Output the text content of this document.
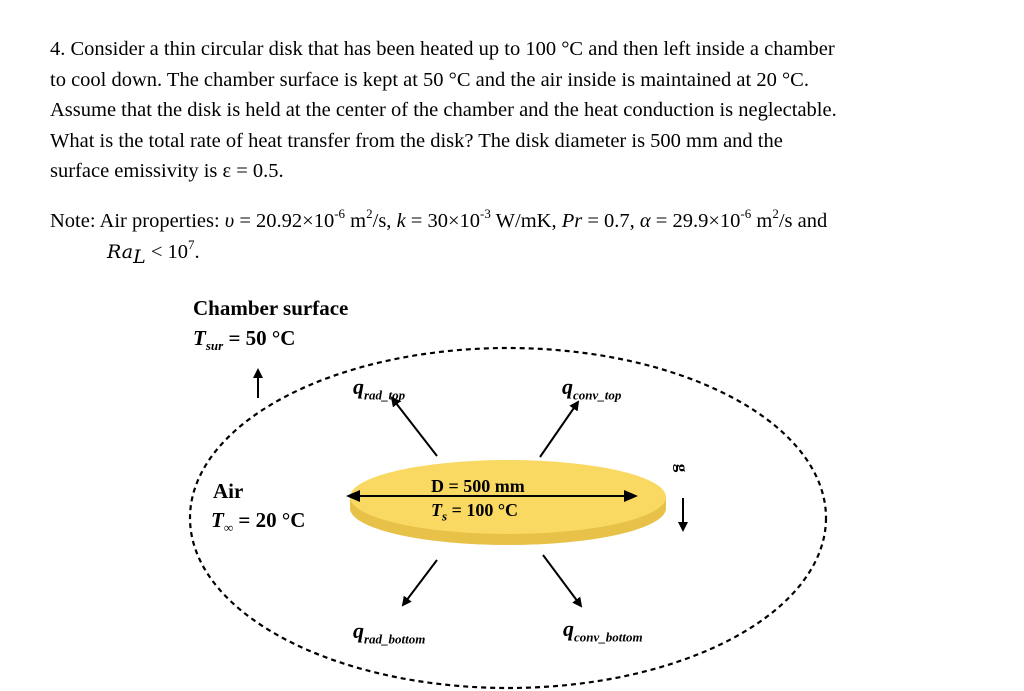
4. Consider a thin circular disk that has been heated up to 100 °C and then left inside a chamber
to cool down. The chamber surface is kept at 50 °C and the air inside is maintained at 20 °C.
Assume that the disk is held at the center of the chamber and the heat conduction is neglectable.
What is the total rate of heat transfer from the disk? The disk diameter is 500 mm and the
surface emissivity is ε = 0.5.
Note: Air properties: $\upsilon = 20.92\times 10^{-6}$ $m^2/s$, $k = 30\times 10^{-3}$ W/mK, Pr = 0.7, $\alpha = 29.9\times 10^{-6}$ $m^2/s$ and
$Ra_L < 10^7$.
Chamber surface
$T_{sur} = 50$ °C
Air
$T_\infty = 20$ °C
$q_{rad\_top}$	$q_{conv\_top}$
$q_{rad\_bottom}$	$q_{conv\_bottom}$
g
D = 500 mm
$T_s = 100$ °C
